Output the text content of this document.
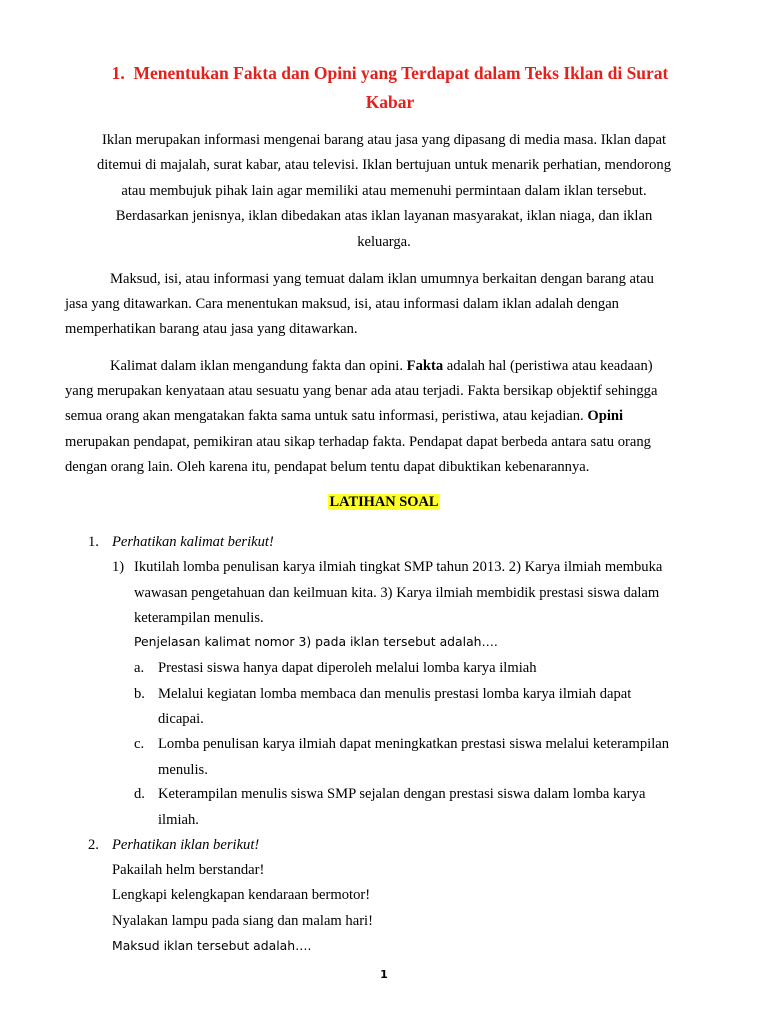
1. Menentukan Fakta dan Opini yang Terdapat dalam Teks Iklan di Surat
Kabar
Iklan merupakan informasi mengenai barang atau jasa yang dipasang di media masa. Iklan dapat
ditemui di majalah, surat kabar, atau televisi. Iklan bertujuan untuk menarik perhatian, mendorong
atau membujuk pihak lain agar memiliki atau memenuhi permintaan dalam iklan tersebut.
Berdasarkan jenisnya, iklan dibedakan atas iklan layanan masyarakat, iklan niaga, dan iklan
keluarga.
Maksud, isi, atau informasi yang temuat dalam iklan umumnya berkaitan dengan barang atau
jasa yang ditawarkan. Cara menentukan maksud, isi, atau informasi dalam iklan adalah dengan
memperhatikan barang atau jasa yang ditawarkan.
Kalimat dalam iklan mengandung fakta dan opini. Fakta adalah hal (peristiwa atau keadaan)
yang merupakan kenyataan atau sesuatu yang benar ada atau terjadi. Fakta bersikap objektif sehingga
semua orang akan mengatakan fakta sama untuk satu informasi, peristiwa, atau kejadian. Opini
merupakan pendapat, pemikiran atau sikap terhadap fakta. Pendapat dapat berbeda antara satu orang
dengan orang lain. Oleh karena itu, pendapat belum tentu dapat dibuktikan kebenarannya.
LATIHAN SOAL
1. Perhatikan kalimat berikut!
1) Ikutilah lomba penulisan karya ilmiah tingkat SMP tahun 2013. 2) Karya ilmiah membuka
wawasan pengetahuan dan keilmuan kita. 3) Karya ilmiah membidik prestasi siswa dalam
keterampilan menulis.
Penjelasan kalimat nomor 3) pada iklan tersebut adalah….
a. Prestasi siswa hanya dapat diperoleh melalui lomba karya ilmiah
b. Melalui kegiatan lomba membaca dan menulis prestasi lomba karya ilmiah dapat
dicapai.
c. Lomba penulisan karya ilmiah dapat meningkatkan prestasi siswa melalui keterampilan
menulis.
d. Keterampilan menulis siswa SMP sejalan dengan prestasi siswa dalam lomba karya
ilmiah.
2. Perhatikan iklan berikut!
Pakailah helm berstandar!
Lengkapi kelengkapan kendaraan bermotor!
Nyalakan lampu pada siang dan malam hari!
Maksud iklan tersebut adalah….
1
